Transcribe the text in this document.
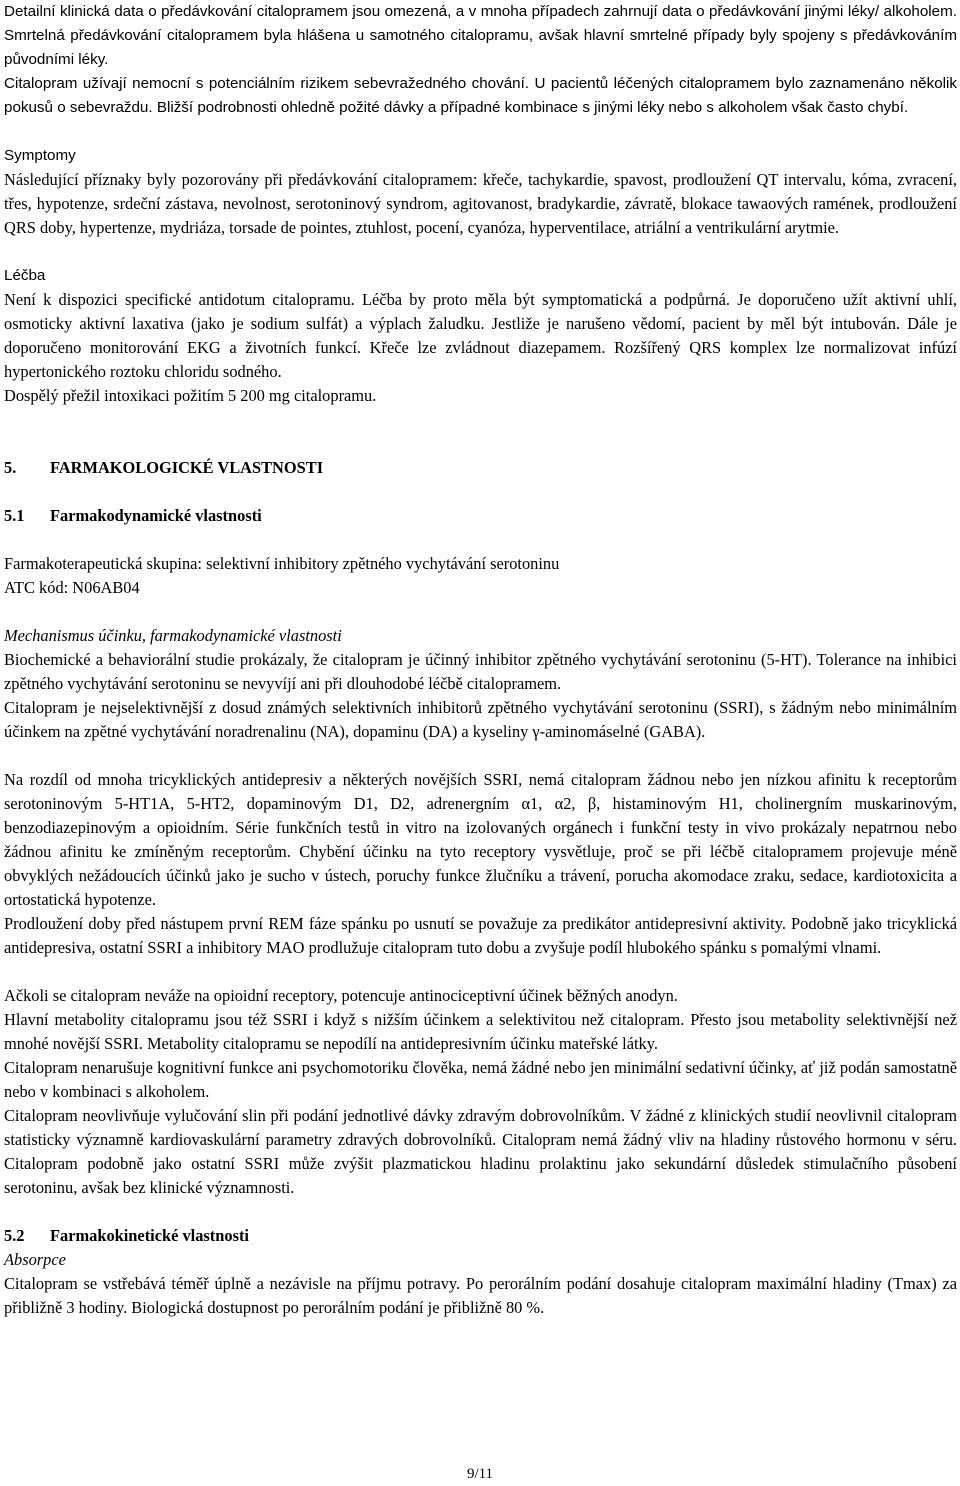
Detailní klinická data o předávkování citalopramem jsou omezená, a v mnoha případech zahrnují data o předávkování jinými léky/ alkoholem. Smrtelná předávkování citalopramem byla hlášena u samotného citalopramu, avšak hlavní smrtelné případy byly spojeny s předávkováním původními léky.

Citalopram užívají nemocní s potenciálním rizikem sebevražedného chování. U pacientů léčených citalopramem bylo zaznamenáno několik pokusů o sebevraždu. Bližší podrobnosti ohledně požité dávky a případné kombinace s jinými léky nebo s alkoholem však často chybí.

Symptomy

Následující příznaky byly pozorovány při předávkování citalopramem: křeče, tachykardie, spavost, prodloužení QT intervalu, kóma, zvracení, třes, hypotenze, srdeční zástava, nevolnost, serotoninový syndrom, agitovanost, bradykardie, závratě, blokace tawaových ramének, prodloužení QRS doby, hypertenze, mydriáza, torsade de pointes, ztuhlost, pocení, cyanóza, hyperventilace, atriální a ventrikulární arytmie.

Léčba

Není k dispozici specifické antidotum citalopramu. Léčba by proto měla být symptomatická a podpůrná. Je doporučeno užít aktivní uhlí, osmoticky aktivní laxativa (jako je sodium sulfát) a výplach žaludku. Jestliže je narušeno vědomí, pacient by měl být intubován. Dále je doporučeno monitorování EKG a životních funkcí. Křeče lze zvládnout diazepamem. Rozšířený QRS komplex lze normalizovat infúzí hypertonického roztoku chloridu sodného.

Dospělý přežil intoxikaci požitím 5 200 mg citalopramu.

5. FARMAKOLOGICKÉ VLASTNOSTI

5.1 Farmakodynamické vlastnosti

Farmakoterapeutická skupina: selektivní inhibitory zpětného vychytávání serotoninu

ATC kód: N06AB04

Mechanismus účinku, farmakodynamické vlastnosti

Biochemické a behaviorální studie prokázaly, že citalopram je účinný inhibitor zpětného vychytávání serotoninu (5-HT). Tolerance na inhibici zpětného vychytávání serotoninu se nevyvíjí ani při dlouhodobé léčbě citalopramem.

Citalopram je nejselektivnější z dosud známých selektivních inhibitorů zpětného vychytávání serotoninu (SSRI), s žádným nebo minimálním účinkem na zpětné vychytávání noradrenalinu (NA), dopaminu (DA) a kyseliny γ-aminomáselné (GABA).

Na rozdíl od mnoha tricyklických antidepresiv a některých novějších SSRI, nemá citalopram žádnou nebo jen nízkou afinitu k receptorům serotoninovým 5-HT1A, 5-HT2, dopaminovým D1, D2, adrenergním α1, α2, β, histaminovým H1, cholinergním muskarinovým, benzodiazepinovým a opioidním. Série funkčních testů in vitro na izolovaných orgánech i funkční testy in vivo prokázaly nepatrnou nebo žádnou afinitu ke zmíněným receptorům. Chybění účinku na tyto receptory vysvětluje, proč se při léčbě citalopramem projevuje méně obvyklých nežádoucích účinků jako je sucho v ústech, poruchy funkce žlučníku a trávení, porucha akomodace zraku, sedace, kardiotoxicita a ortostatická hypotenze.

Prodloužení doby před nástupem první REM fáze spánku po usnutí se považuje za predikátor antidepresivní aktivity. Podobně jako tricyklická antidepresiva, ostatní SSRI a inhibitory MAO prodlužuje citalopram tuto dobu a zvyšuje podíl hlubokého spánku s pomalými vlnami.

Ačkoli se citalopram neváže na opioidní receptory, potencuje antinociceptivní účinek běžných anodyn.

Hlavní metabolity citalopramu jsou též SSRI i když s nižším účinkem a selektivitou než citalopram. Přesto jsou metabolity selektivnější než mnohé novější SSRI. Metabolity citalopramu se nepodílí na antidepresivním účinku mateřské látky.

Citalopram nenarušuje kognitivní funkce ani psychomotoriku člověka, nemá žádné nebo jen minimální sedativní účinky, ať již podán samostatně nebo v kombinaci s alkoholem.

Citalopram neovlivňuje vylučování slin při podání jednotlivé dávky zdravým dobrovolníkům. V žádné z klinických studií neovlivnil citalopram statisticky významně kardiovaskulární parametry zdravých dobrovolníků. Citalopram nemá žádný vliv na hladiny růstového hormonu v séru. Citalopram podobně jako ostatní SSRI může zvýšit plazmatickou hladinu prolaktinu jako sekundární důsledek stimulačního působení serotoninu, avšak bez klinické významnosti.

5.2 Farmakokinetické vlastnosti

Absorpce

Citalopram se vstřebává téměř úplně a nezávisle na příjmu potravy. Po perorálním podání dosahuje citalopram maximální hladiny (Tmax) za přibližně 3 hodiny. Biologická dostupnost po perorálním podání je přibližně 80 %.

9/11
